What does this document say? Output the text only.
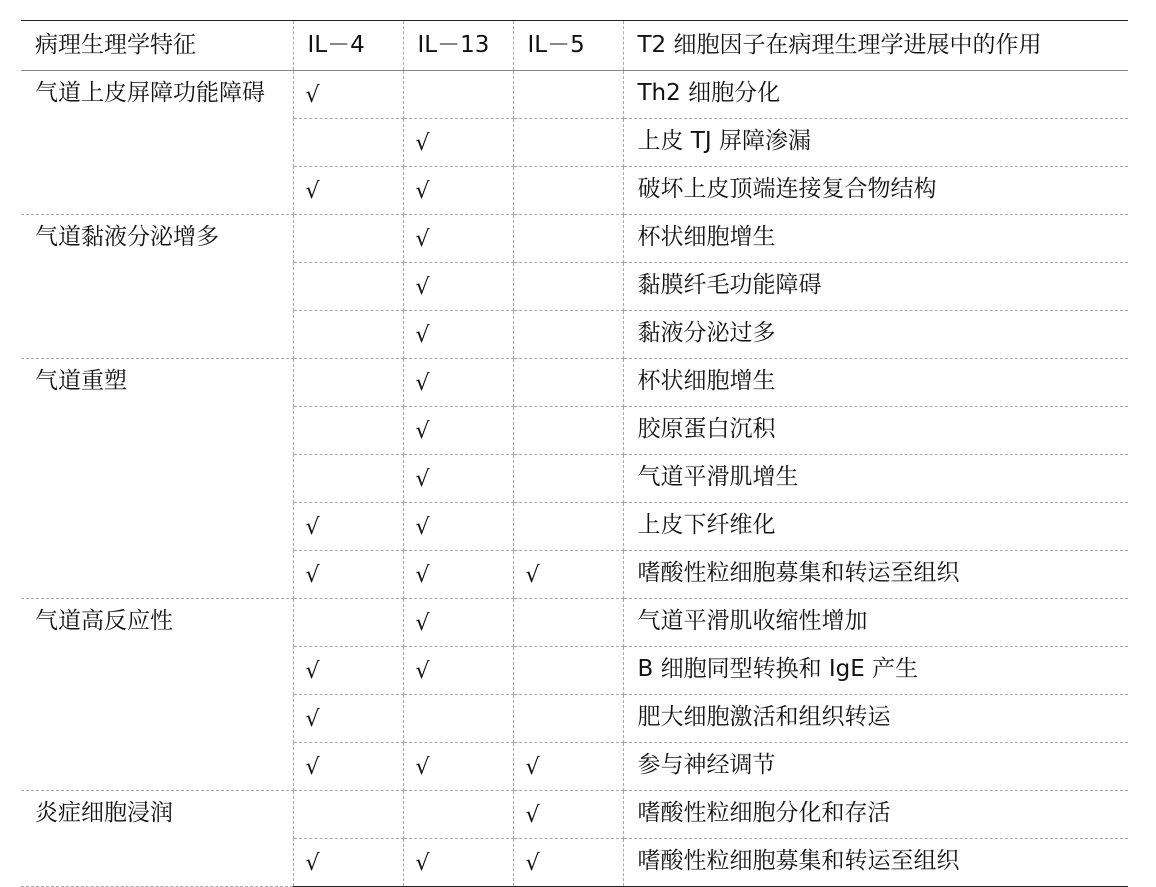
病理生理学特征	IL－4	IL－13	IL－5	T2 细胞因子在病理生理学进展中的作用
气道上皮屏障功能障碍	√			Th2 细胞分化
		√		上皮 TJ 屏障渗漏
	√	√		破坏上皮顶端连接复合物结构
气道黏液分泌增多		√		杯状细胞增生
		√		黏膜纤毛功能障碍
		√		黏液分泌过多
气道重塑		√		杯状细胞增生
		√		胶原蛋白沉积
		√		气道平滑肌增生
	√	√		上皮下纤维化
	√	√	√	嗜酸性粒细胞募集和转运至组织
气道高反应性		√		气道平滑肌收缩性增加
	√	√		B 细胞同型转换和 IgE 产生
	√			肥大细胞激活和组织转运
	√	√	√	参与神经调节
炎症细胞浸润			√	嗜酸性粒细胞分化和存活
	√	√	√	嗜酸性粒细胞募集和转运至组织
